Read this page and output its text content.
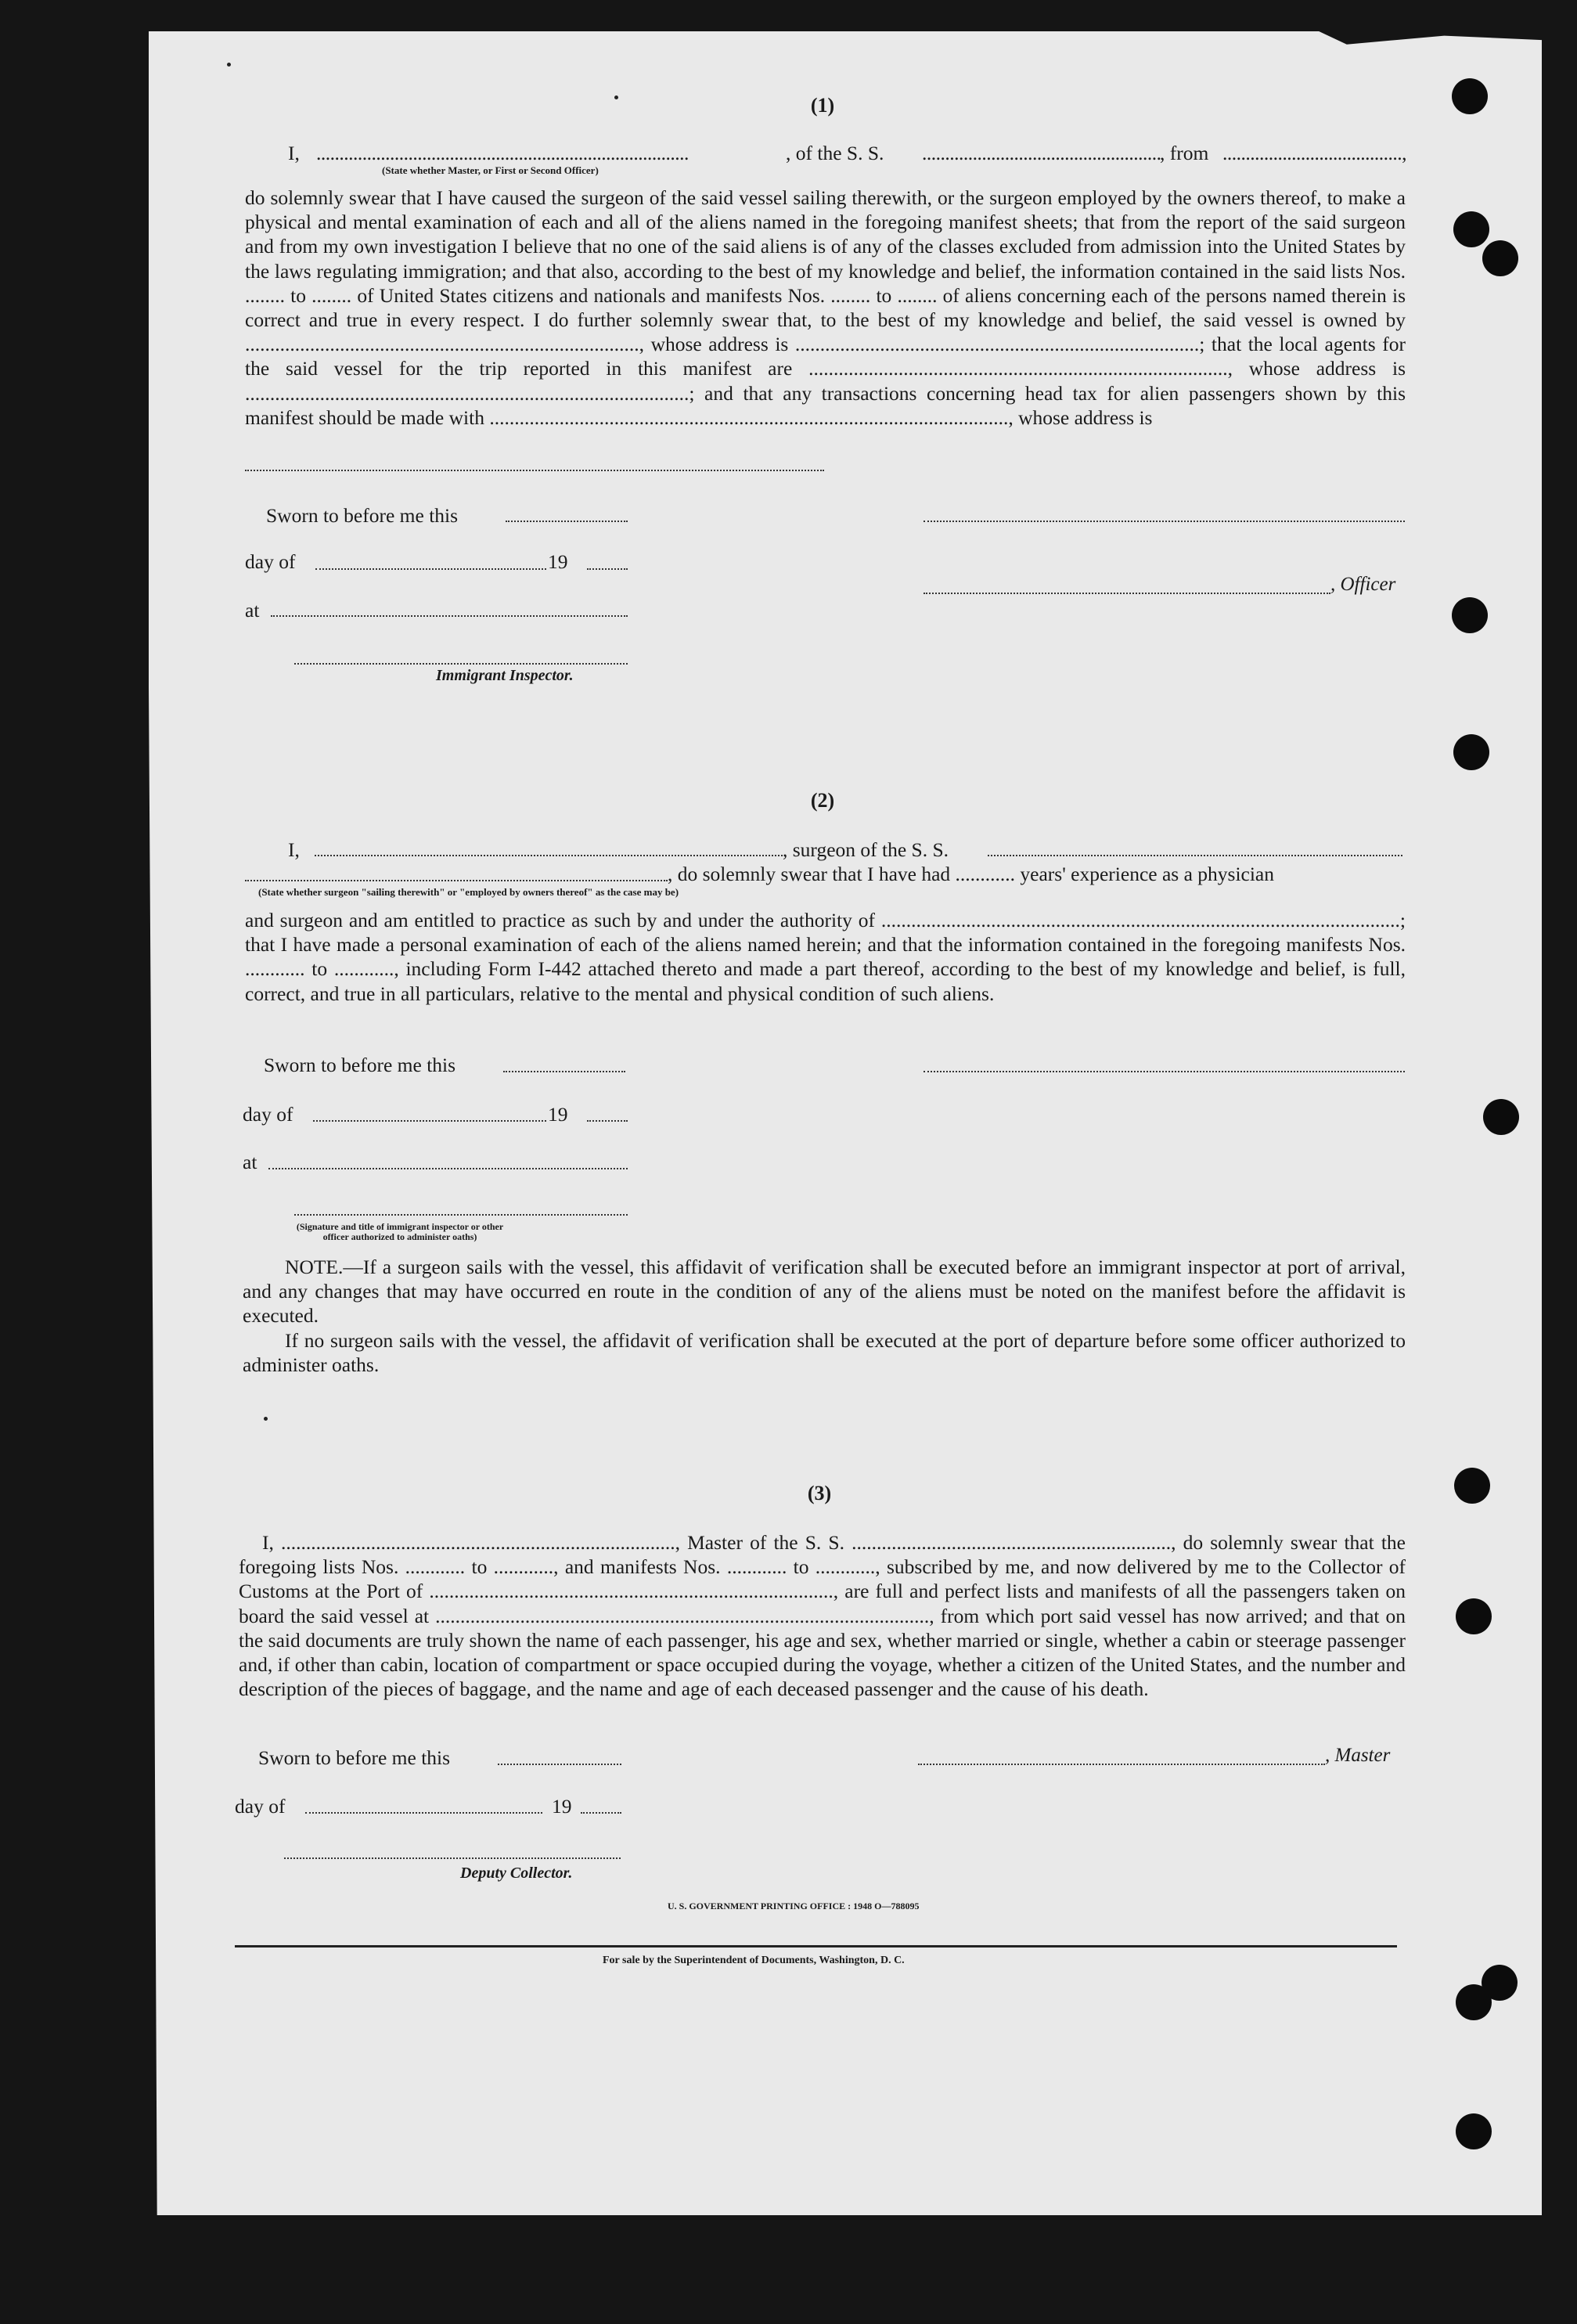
(1)
I, .................................................................................	, of the S. S. ....................................................
, from .......................................,
(State whether Master, or First or Second Officer)

do solemnly swear that I have caused the surgeon of the said vessel sailing therewith, or the surgeon employed by the owners thereof, to make a physical and mental examination of each and all of the aliens named in the foregoing manifest sheets; that from the report of the said surgeon and from my own investigation I believe that no one of the said aliens is of any of the classes excluded from admission into the United States by the laws regulating immigration; and that also, according to the best of my knowledge and belief, the information contained in the said lists Nos. ........ to ........ of United States citizens and nationals and manifests Nos. ........ to ........ of aliens concerning each of the persons named therein is correct and true in every respect. I do further solemnly swear that, to the best of my knowledge and belief, the said vessel is owned by ..............................................................................., whose address is .................................................................................; that the local agents for the said vessel for the trip reported in this manifest are ...................................................................................., whose address is .........................................................................................; and that any transactions concerning head tax for alien passengers shown by this manifest should be made with ........................................................................................................, whose address is

Sworn to before me this
day of	19
, Officer
at
Immigrant Inspector.
(2)
I,	, surgeon of the S. S.
, do solemnly swear that I have had ............ years' experience as a physician
(State whether surgeon "sailing therewith" or "employed by owners thereof" as the case may be)

and surgeon and am entitled to practice as such by and under the authority of ........................................................................................................; that I have made a personal examination of each of the aliens named herein; and that the information contained in the foregoing manifests Nos. ............ to ............, including Form I-442 attached thereto and made a part thereof, according to the best of my knowledge and belief, is full, correct, and true in all particulars, relative to the mental and physical condition of such aliens.

Sworn to before me this
day of	19
at
(Signature and title of immigrant inspector or other officer authorized to administer oaths)

NOTE.—If a surgeon sails with the vessel, this affidavit of verification shall be executed before an immigrant inspector at port of arrival, and any changes that may have occurred en route in the condition of any of the aliens must be noted on the manifest before the affidavit is executed.

If no surgeon sails with the vessel, the affidavit of verification shall be executed at the port of departure before some officer authorized to administer oaths.

(3)

I, ..............................................................................., Master of the S. S. ................................................................, do solemnly swear that the foregoing lists Nos. ............ to ............, and manifests Nos. ............ to ............, subscribed by me, and now delivered by me to the Collector of Customs at the Port of ................................................................................., are full and perfect lists and manifests of all the passengers taken on board the said vessel at ..................................................................................................., from which port said vessel has now arrived; and that on the said documents are truly shown the name of each passenger, his age and sex, whether married or single, whether a cabin or steerage passenger and, if other than cabin, location of compartment or space occupied during the voyage, whether a citizen of the United States, and the number and description of the pieces of baggage, and the name and age of each deceased passenger and the cause of his death.

Sworn to before me this	, Master
day of	19
Deputy Collector.
U. S. GOVERNMENT PRINTING OFFICE : 1948 O—788095
For sale by the Superintendent of Documents, Washington, D. C.
